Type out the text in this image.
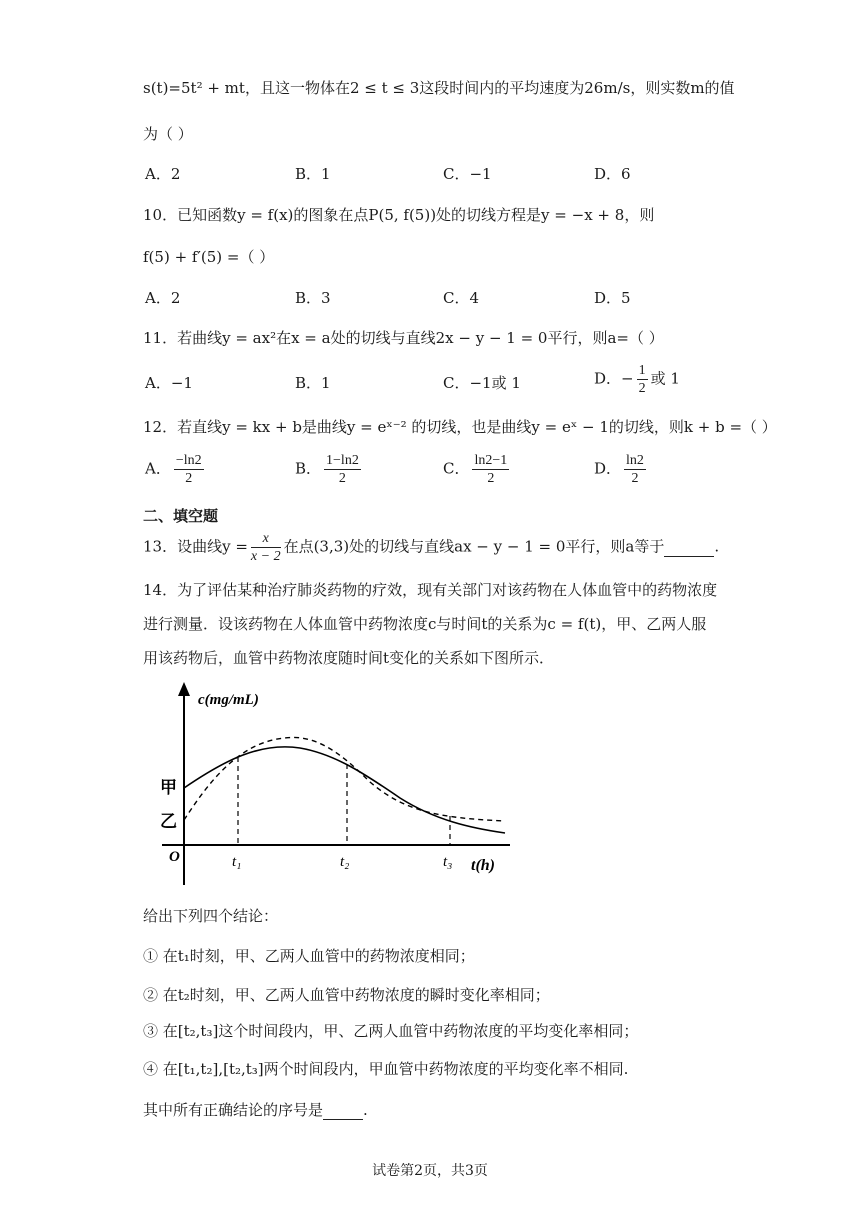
s(t)=5t² + mt，且这一物体在2 ≤ t ≤ 3这段时间内的平均速度为26m/s，则实数m的值
为（ ）
A．2	B．1	C．−1	D．6
10．已知函数y = f(x)的图象在点P(5, f(5))处的切线方程是y = −x + 8，则
f(5) + f′(5) =（ ）
A．2	B．3	C．4	D．5
11．若曲线y = ax²在x = a处的切线与直线2x − y − 1 = 0平行，则a=（ ）
A．−1	B．1	C．−1或 1	D．− $\frac{1}{2}$ 或 1
12．若直线y = kx + b是曲线y = eˣ⁻² 的切线，也是曲线y = eˣ − 1的切线，则k + b =（ ）
A． $\frac{-\ln 2}{2}$	B． $\frac{1-\ln 2}{2}$	C． $\frac{\ln 2-1}{2}$	D． $\frac{\ln 2}{2}$
二、填空题
13．设曲线$y = \frac{x}{x - 2}$ 在点(3,3)处的切线与直线ax − y − 1 = 0平行，则a等于	.
14．为了评估某种治疗肺炎药物的疗效，现有关部门对该药物在人体血管中的药物浓度
进行测量．设该药物在人体血管中药物浓度c与时间t的关系为c = f(t)，甲、乙两人服
用该药物后，血管中药物浓度随时间t变化的关系如下图所示．
c(mg/mL)
t(h)
O
甲
乙
t₁	t₂	t₃
给出下列四个结论：
① 在t₁时刻，甲、乙两人血管中的药物浓度相同；
② 在t₂时刻，甲、乙两人血管中药物浓度的瞬时变化率相同；
③ 在[t₂,t₃]这个时间段内，甲、乙两人血管中药物浓度的平均变化率相同；
④ 在[t₁,t₂],[t₂,t₃]两个时间段内，甲血管中药物浓度的平均变化率不相同.
其中所有正确结论的序号是	.
试卷第2页，共3页
